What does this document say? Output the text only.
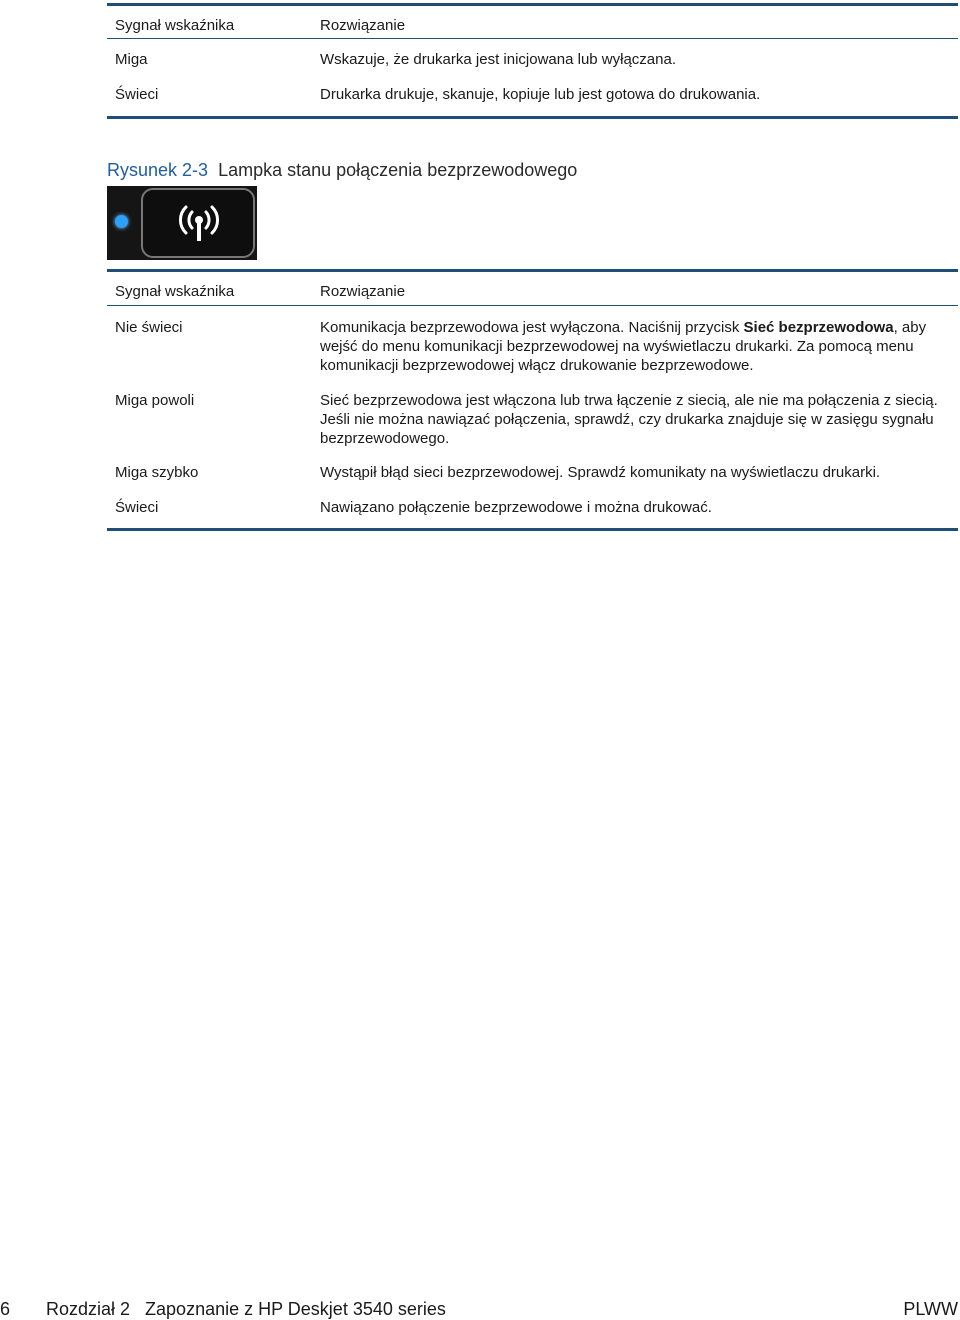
Sygnał wskaźnika	Rozwiązanie
Miga	Wskazuje, że drukarka jest inicjowana lub wyłączana.
Świeci	Drukarka drukuje, skanuje, kopiuje lub jest gotowa do drukowania.
Rysunek 2-3 Lampka stanu połączenia bezprzewodowego
Sygnał wskaźnika	Rozwiązanie
Nie świeci	Komunikacja bezprzewodowa jest wyłączona. Naciśnij przycisk Sieć bezprzewodowa, aby wejść do menu komunikacji bezprzewodowej na wyświetlaczu drukarki. Za pomocą menu komunikacji bezprzewodowej włącz drukowanie bezprzewodowe.
Miga powoli	Sieć bezprzewodowa jest włączona lub trwa łączenie z siecią, ale nie ma połączenia z siecią. Jeśli nie można nawiązać połączenia, sprawdź, czy drukarka znajduje się w zasięgu sygnału bezprzewodowego.
Miga szybko	Wystąpił błąd sieci bezprzewodowej. Sprawdź komunikaty na wyświetlaczu drukarki.
Świeci	Nawiązano połączenie bezprzewodowe i można drukować.
6 Rozdział 2   Zapoznanie z HP Deskjet 3540 series	PLWW
